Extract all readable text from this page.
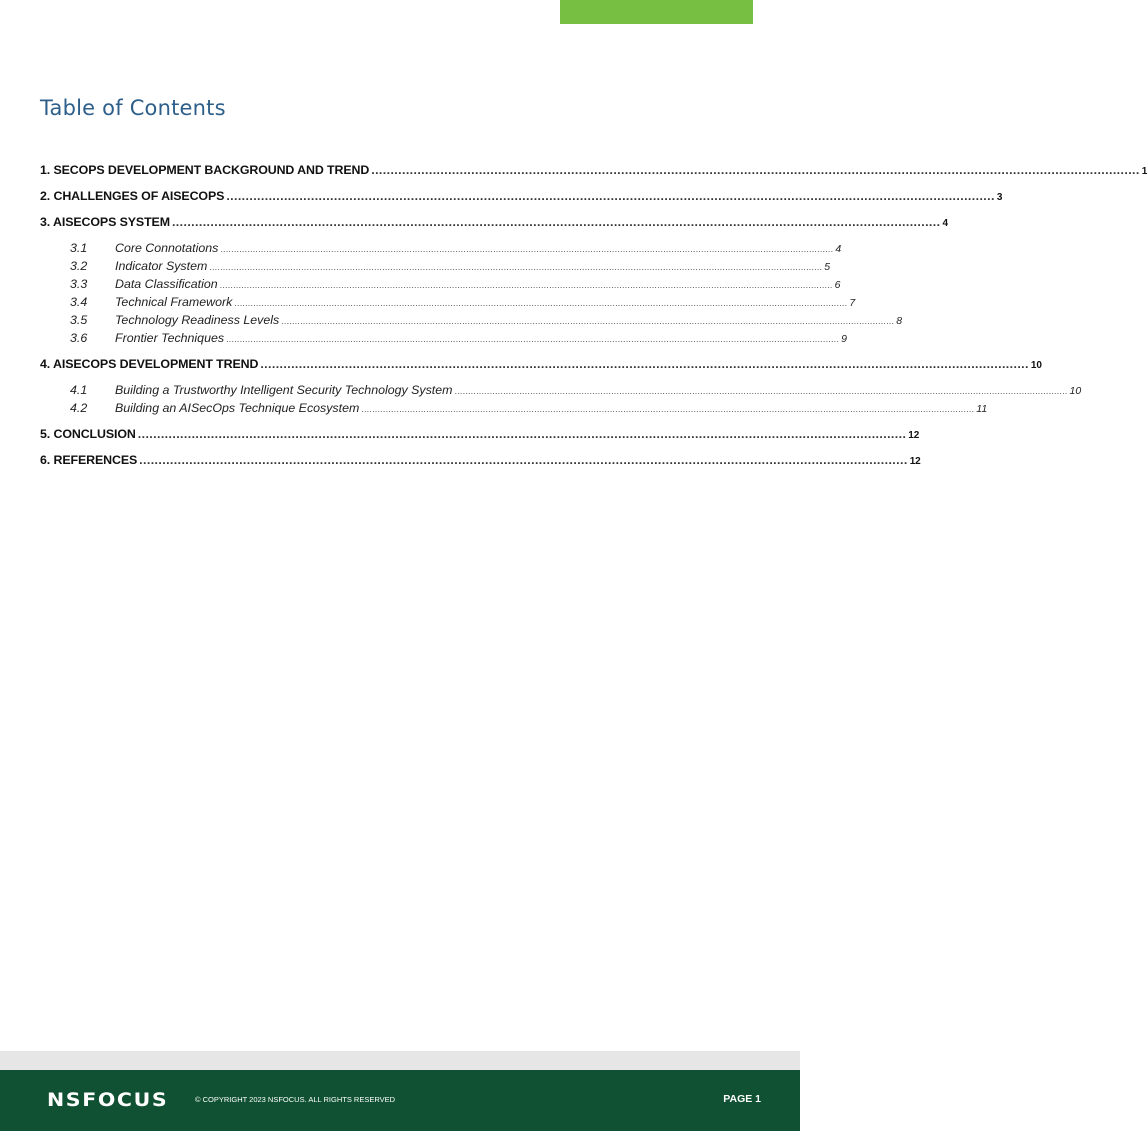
Table of Contents
1. SECOPS DEVELOPMENT BACKGROUND AND TREND ........................................................................................................................................................................................................ 1
2. CHALLENGES OF AISECOPS ........................................................................................................................................................................................................ 3
3. AISECOPS SYSTEM ........................................................................................................................................................................................................ 4
3.1	Core Connotations ................................................................................................................................................................................................................................... 4
3.2	Indicator System ................................................................................................................................................................................................................................... 5
3.3	Data Classification ................................................................................................................................................................................................................................... 6
3.4	Technical Framework ................................................................................................................................................................................................................................... 7
3.5	Technology Readiness Levels ................................................................................................................................................................................................................................... 8
3.6	Frontier Techniques ................................................................................................................................................................................................................................... 9
4. AISECOPS DEVELOPMENT TREND ........................................................................................................................................................................................................ 10
4.1	Building a Trustworthy Intelligent Security Technology System ................................................................................................................................................................................................................................... 10
4.2	Building an AISecOps Technique Ecosystem ................................................................................................................................................................................................................................... 11
5. CONCLUSION ........................................................................................................................................................................................................ 12
6. REFERENCES ........................................................................................................................................................................................................ 12
NSFOCUS	© COPYRIGHT 2023 NSFOCUS. ALL RIGHTS RESERVED	PAGE 1
